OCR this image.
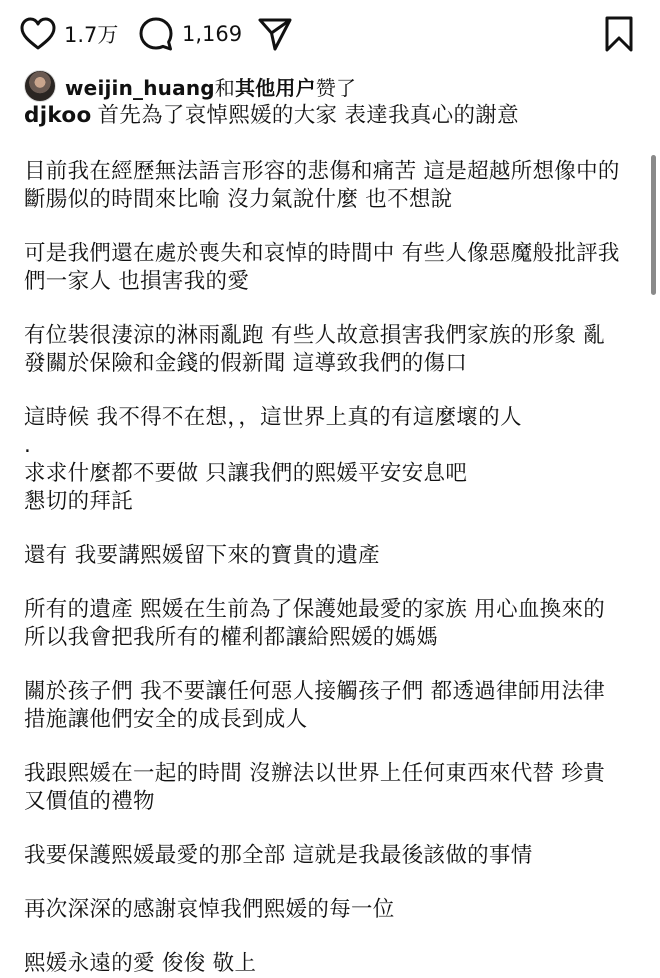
1.7万	1,169
weijin_huang和其他用户赞了
djkoo 首先為了哀悼熙媛的大家 表達我真心的謝意
目前我在經歷無法語言形容的悲傷和痛苦 這是超越所想像中的
斷腸似的時間來比喻 沒力氣說什麼 也不想說
可是我們還在處於喪失和哀悼的時間中 有些人像惡魔般批評我
們一家人 也損害我的愛
有位裝很淒涼的淋雨亂跑 有些人故意損害我們家族的形象 亂
發關於保險和金錢的假新聞 這導致我們的傷口
這時候 我不得不在想，，這世界上真的有這麼壞的人
.
求求什麼都不要做 只讓我們的熙媛平安安息吧
懇切的拜託
還有 我要講熙媛留下來的寶貴的遺產
所有的遺產 熙媛在生前為了保護她最愛的家族 用心血換來的
所以我會把我所有的權利都讓給熙媛的媽媽
關於孩子們 我不要讓任何惡人接觸孩子們 都透過律師用法律
措施讓他們安全的成長到成人
我跟熙媛在一起的時間 沒辦法以世界上任何東西來代替 珍貴
又價值的禮物
我要保護熙媛最愛的那全部 這就是我最後該做的事情
再次深深的感謝哀悼我們熙媛的每一位
熙媛永遠的愛 俊俊 敬上
